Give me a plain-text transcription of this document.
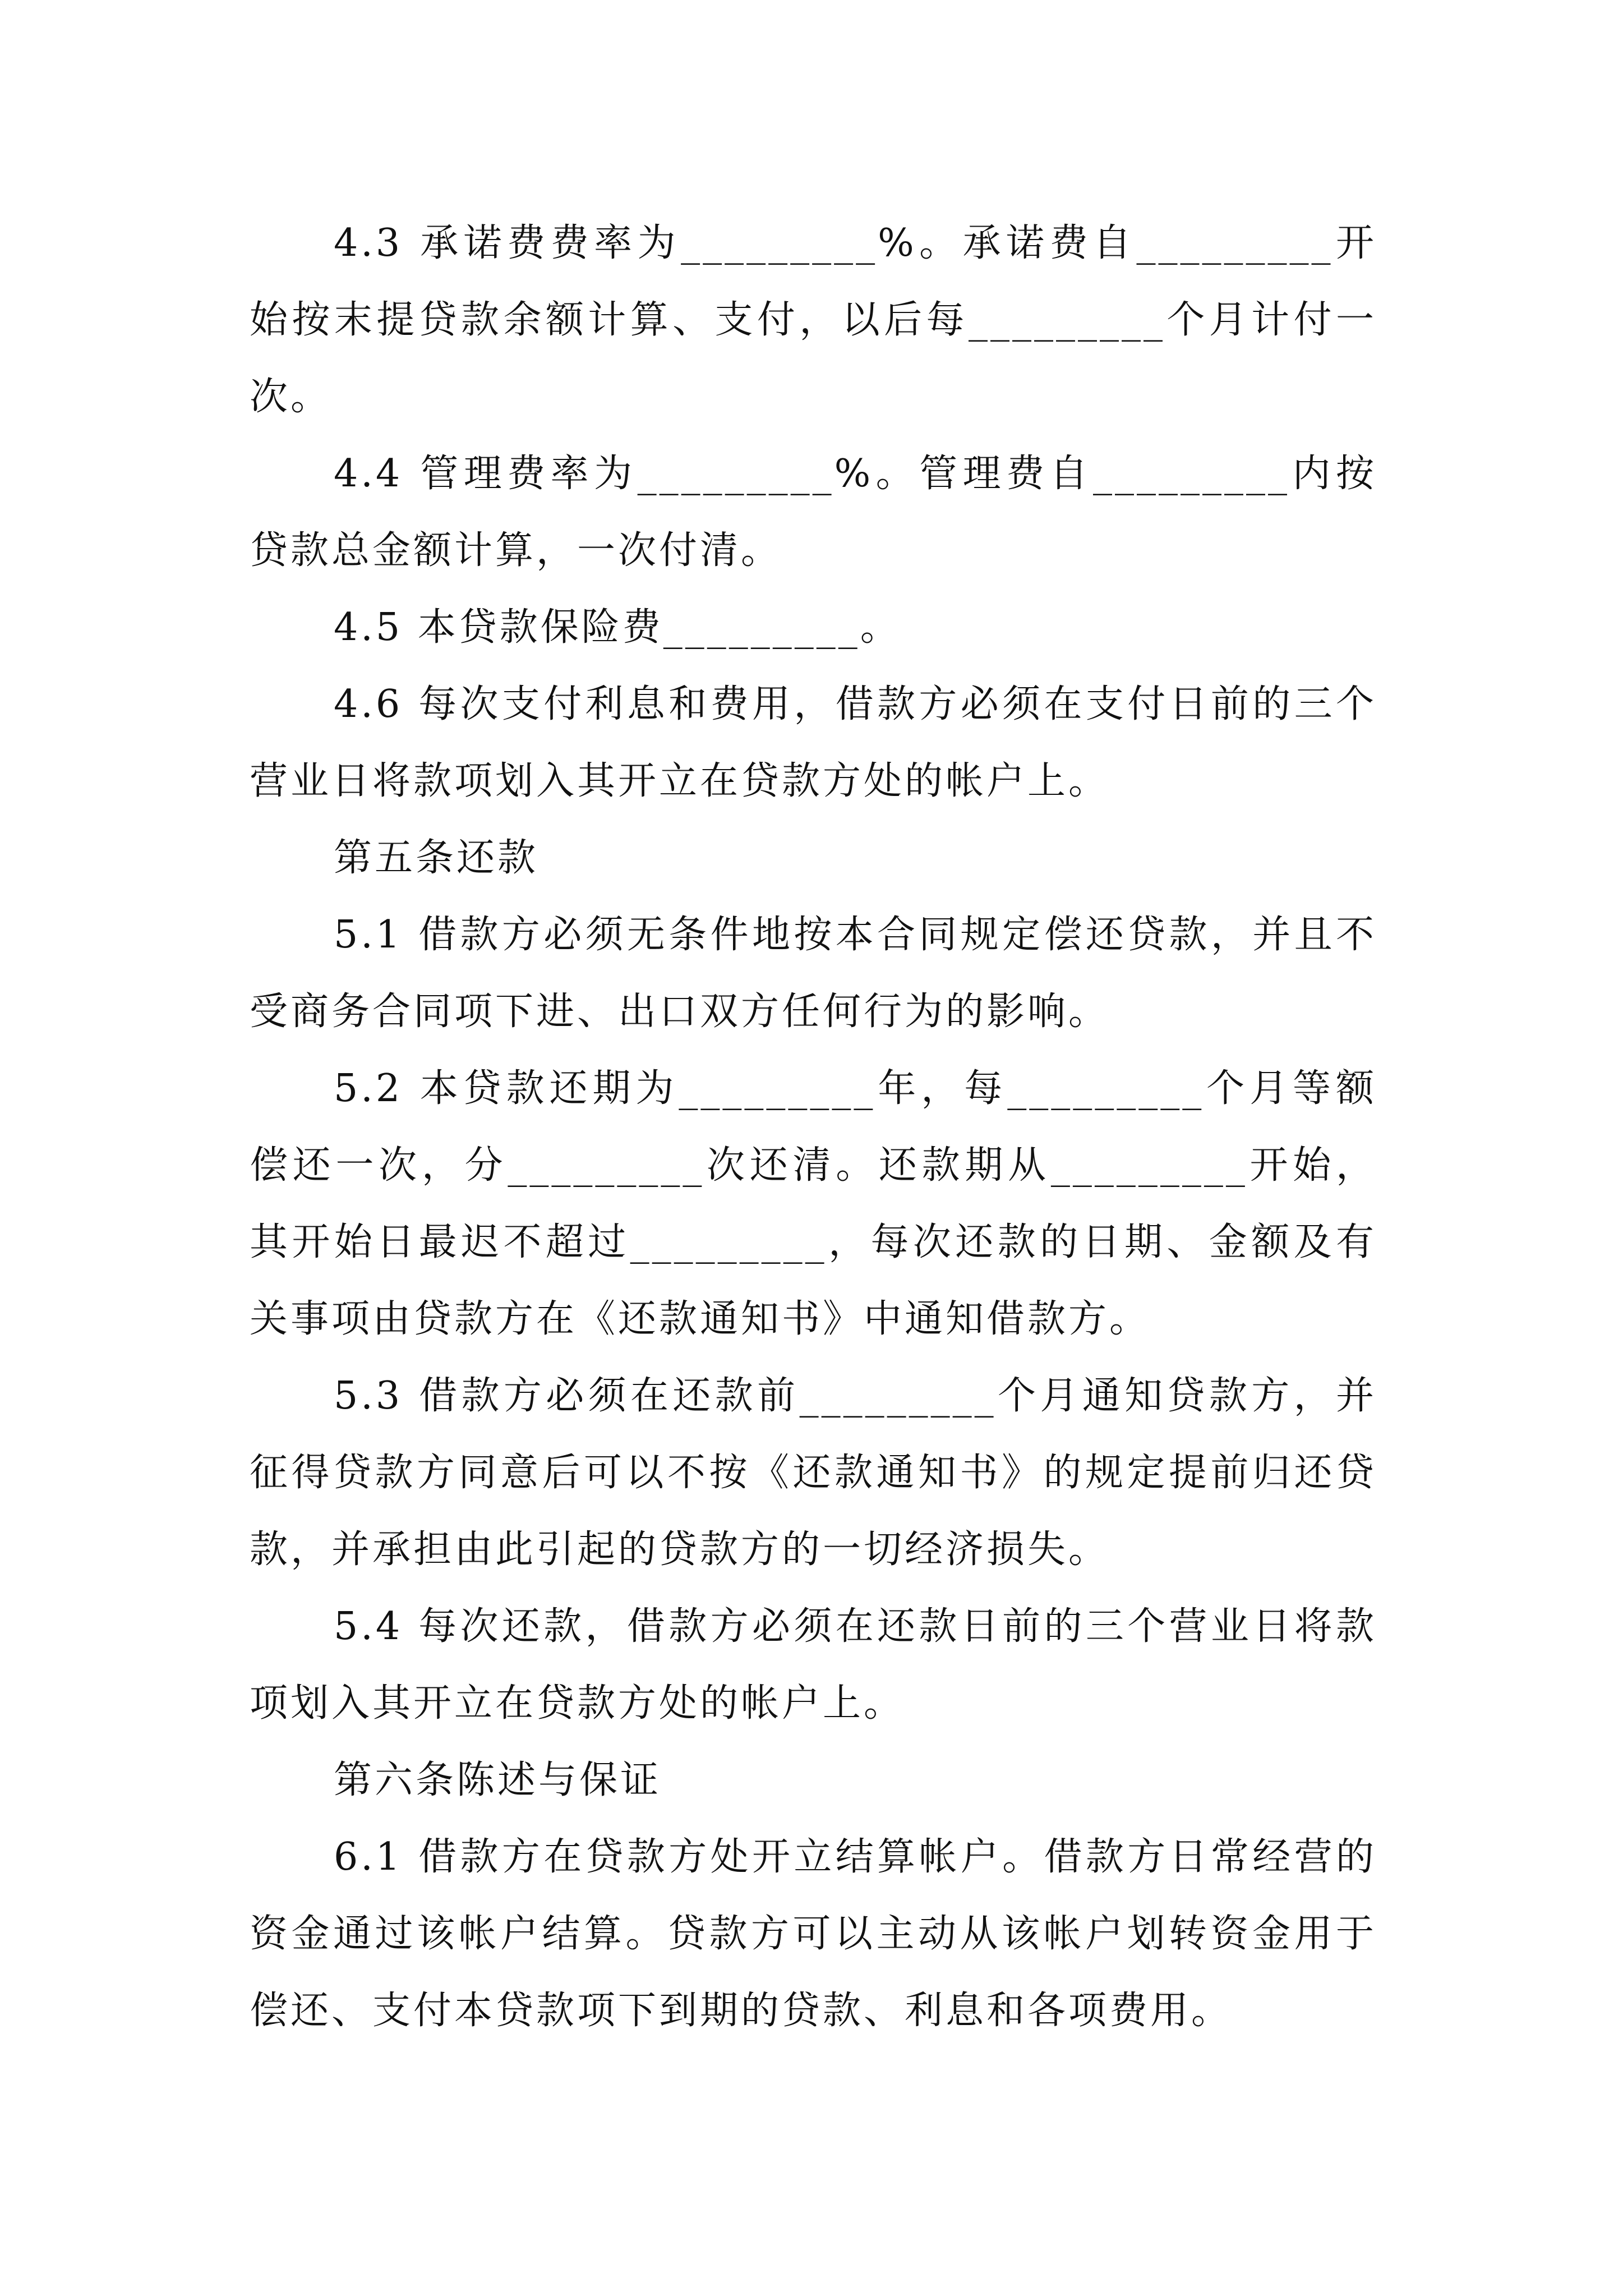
4.3 承诺费费率为_________%。承诺费自_________开始按末提贷款余额计算、支付，以后每_________个月计付一次。

4.4 管理费率为_________%。管理费自_________内按贷款总金额计算，一次付清。

4.5 本贷款保险费_________。

4.6 每次支付利息和费用，借款方必须在支付日前的三个营业日将款项划入其开立在贷款方处的帐户上。

第五条还款

5.1 借款方必须无条件地按本合同规定偿还贷款，并且不受商务合同项下进、出口双方任何行为的影响。

5.2 本贷款还期为_________年，每_________个月等额偿还一次，分_________次还清。还款期从_________开始，其开始日最迟不超过_________，每次还款的日期、金额及有关事项由贷款方在《还款通知书》中通知借款方。

5.3 借款方必须在还款前_________个月通知贷款方，并征得贷款方同意后可以不按《还款通知书》的规定提前归还贷款，并承担由此引起的贷款方的一切经济损失。

5.4 每次还款，借款方必须在还款日前的三个营业日将款项划入其开立在贷款方处的帐户上。

第六条陈述与保证

6.1 借款方在贷款方处开立结算帐户。借款方日常经营的资金通过该帐户结算。贷款方可以主动从该帐户划转资金用于偿还、支付本贷款项下到期的贷款、利息和各项费用。
